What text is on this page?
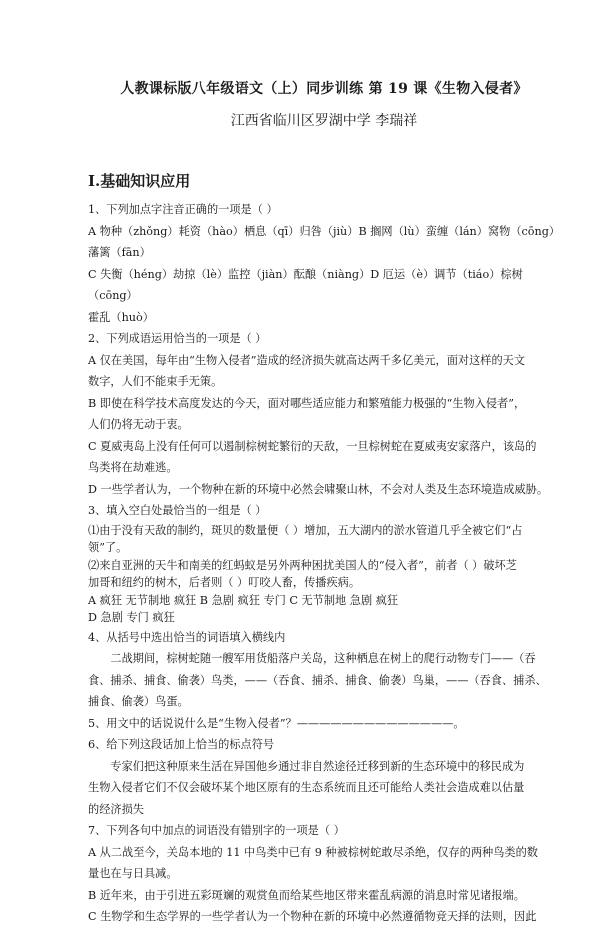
人教课标版八年级语文（上）同步训练 第 19 课《生物入侵者》
江西省临川区罗湖中学 李瑞祥
Ⅰ.基础知识应用

1、下列加点字注音正确的一项是（ ）

A 物种（zhǒng）耗资（hào）栖息（qī）归咎（jiù）B 搁网（lù）蛮缠（lán）窝物（cōng）

藩篱（fān）

C 失衡（héng）劫掠（lè）监控（jiàn）酝酿（niàng）D 厄运（è）调节（tiáo）棕树（cōng）

霍乱（huò）

2、下列成语运用恰当的一项是（ ）

A 仅在美国，每年由“生物入侵者”造成的经济损失就高达两千多亿美元，面对这样的天文

数字，人们不能束手无策。

B 即使在科学技术高度发达的今天，面对哪些适应能力和繁殖能力极强的“生物入侵者”，

人们仍将无动于衷。

C 夏威夷岛上没有任何可以遏制棕树蛇繁衍的天敌，一旦棕树蛇在夏威夷安家落户，该岛的

鸟类将在劫难逃。

D 一些学者认为，一个物种在新的环境中必然会啸聚山林，不会对人类及生态环境造成威胁。

3、填入空白处最恰当的一组是（ ）

⑴由于没有天敌的制约，斑贝的数量便（ ）增加，五大湖内的淤水管道几乎全被它们“占

领”了。

⑵来自亚洲的天牛和南美的红蚂蚁是另外两种困扰美国人的“侵入者”，前者（ ）破坏芝

加哥和纽约的树木，后者则（ ）叮咬人畜，传播疾病。

A 疯狂 无节制地 疯狂 B 急剧 疯狂 专门 C 无节制地 急剧 疯狂

D 急剧 专门 疯狂

4、从括号中选出恰当的词语填入横线内

二战期间，棕树蛇随一艘军用货船落户关岛，这种栖息在树上的爬行动物专门——（吞

食、捕杀、捕食、偷袭）鸟类，——（吞食、捕杀、捕食、偷袭）鸟巢，——（吞食、捕杀、

捕食、偷袭）鸟蛋。

5、用文中的话说说什么是“生物入侵者”？——————————————。

6、给下列这段话加上恰当的标点符号

专家们把这种原来生活在异国他乡通过非自然途径迁移到新的生态环境中的移民成为

生物入侵者它们不仅会破坏某个地区原有的生态系统而且还可能给人类社会造成难以估量

的经济损失

7、下列各句中加点的词语没有错别字的一项是（ ）

A 从二战至今，关岛本地的 11 中鸟类中已有 9 种被棕树蛇敢尽杀绝，仅存的两种鸟类的数

量也在与日具减。

B 近年来，由于引进五彩斑斓的观赏鱼而给某些地区带来霍乱病源的消息时常见诸报端。

C 生物学和生态学界的一些学者认为一个物种在新的环境中必然遵循物竞天择的法则，因此
